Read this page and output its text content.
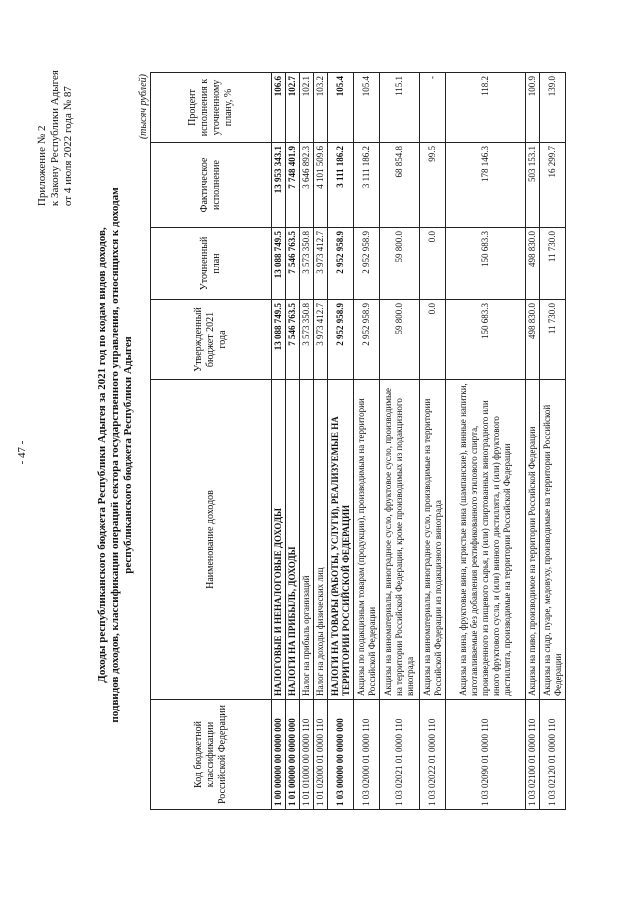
- 47 -
Приложение № 2 к Закону Республики Адыгея от 4 июля 2022 года № 87
Доходы республиканского бюджета Республики Адыгея за 2021 год по кодам видов доходов, подвидов доходов, классификации операций сектора государственного управления, относящихся к доходам республиканского бюджета Республики Адыгея
(тысяч рублей)
Код бюджетной классификации Российской Федерации	Наименование доходов	Утвержденный бюджет 2021 года	Уточненный план	Фактическое исполнение	Процент исполнения к уточненному плану, %
1 00 00000 00 0000 000	НАЛОГОВЫЕ И НЕНАЛОГОВЫЕ ДОХОДЫ	13 088 749.5	13 088 749.5	13 953 343.1	106.6
1 01 00000 00 0000 000	НАЛОГИ НА ПРИБЫЛЬ, ДОХОДЫ	7 546 763.5	7 546 763.5	7 748 401.9	102.7
1 01 01000 00 0000 110	Налог на прибыль организаций	3 573 350.8	3 573 350.8	3 646 892.3	102.1
1 01 02000 01 0000 110	Налог на доходы физических лиц	3 973 412.7	3 973 412.7	4 101 509.6	103.2
1 03 00000 00 0000 000	НАЛОГИ НА ТОВАРЫ (РАБОТЫ, УСЛУГИ), РЕАЛИЗУЕМЫЕ НА ТЕРРИТОРИИ РОССИЙСКОЙ ФЕДЕРАЦИИ	2 952 958.9	2 952 958.9	3 111 186.2	105.4
1 03 02000 01 0000 110	Акцизы по подакцизным товарам (продукции), производимым на территории Российской Федерации	2 952 958.9	2 952 958.9	3 111 186.2	105.4
1 03 02021 01 0000 110	Акцизы на виноматериалы, виноградное сусло, фруктовое сусло, производимые на территории Российской Федерации, кроме производимых из подакцизного винограда	59 800.0	59 800.0	68 854.8	115.1
1 03 02022 01 0000 110	Акцизы на виноматериалы, виноградное сусло, производимые на территории Российской Федерации из подакцизного винограда	0.0	0.0	99.5	-
1 03 02090 01 0000 110	Акцизы на вина, фруктовые вина, игристые вина (шампанские), винные напитки, изготавливаемые без добавления ректификованного этилового спирта, произведенного из пищевого сырья, и (или) спиртованных виноградного или иного фруктового сусла, и (или) винного дистиллята, и (или) фруктового дистиллята, производимые на территории Российской Федерации	150 683.3	150 683.3	178 146.3	118.2
1 03 02100 01 0000 110	Акцизы на пиво, производимое на территории Российской Федерации	498 830.0	498 830.0	503 153.1	100.9
1 03 02120 01 0000 110	Акцизы на сидр, пуаре, медовуху, производимые на территории Российской Федерации	11 730.0	11 730.0	16 299.7	139.0
